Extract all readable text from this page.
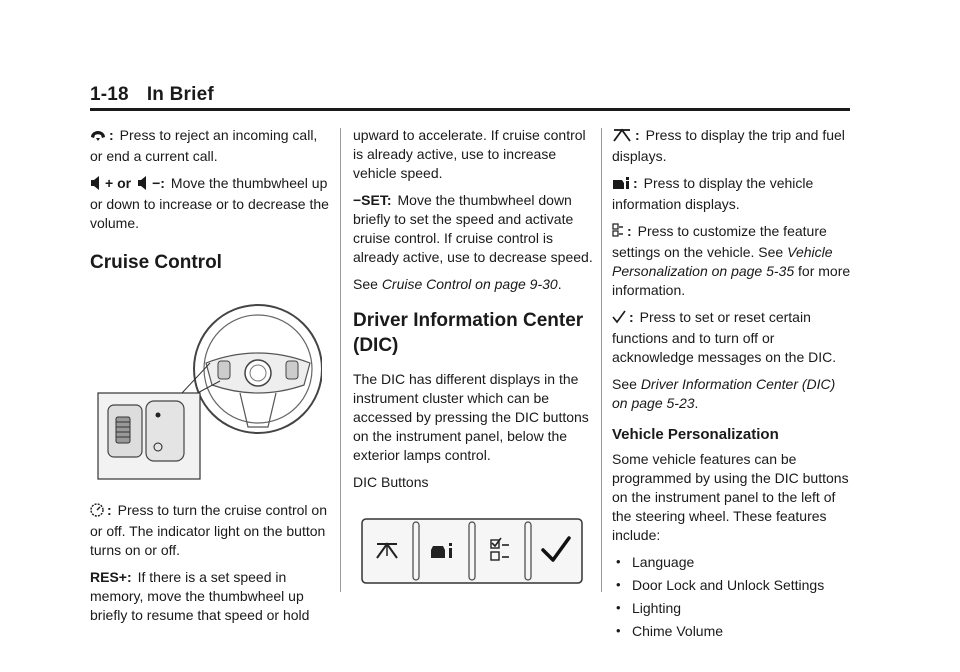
1-18 In Brief

: Press to reject an incoming call, or end a current call.

+ or −: Move the thumbwheel up or down to increase or to decrease the volume.

Cruise Control

: Press to turn the cruise control on or off. The indicator light on the button turns on or off.

RES+: If there is a set speed in memory, move the thumbwheel up briefly to resume that speed or hold

upward to accelerate. If cruise control is already active, use to increase vehicle speed.

−SET: Move the thumbwheel down briefly to set the speed and activate cruise control. If cruise control is already active, use to decrease speed.

See Cruise Control on page 9-30.

Driver Information Center (DIC)

The DIC has different displays in the instrument cluster which can be accessed by pressing the DIC buttons on the instrument panel, below the exterior lamps control.

DIC Buttons

: Press to display the trip and fuel displays.

: Press to display the vehicle information displays.

: Press to customize the feature settings on the vehicle. See Vehicle Personalization on page 5-35 for more information.

: Press to set or reset certain functions and to turn off or acknowledge messages on the DIC.

See Driver Information Center (DIC) on page 5-23.

Vehicle Personalization

Some vehicle features can be programmed by using the DIC buttons on the instrument panel to the left of the steering wheel. These features include:

• Language
• Door Lock and Unlock Settings
• Lighting
• Chime Volume
